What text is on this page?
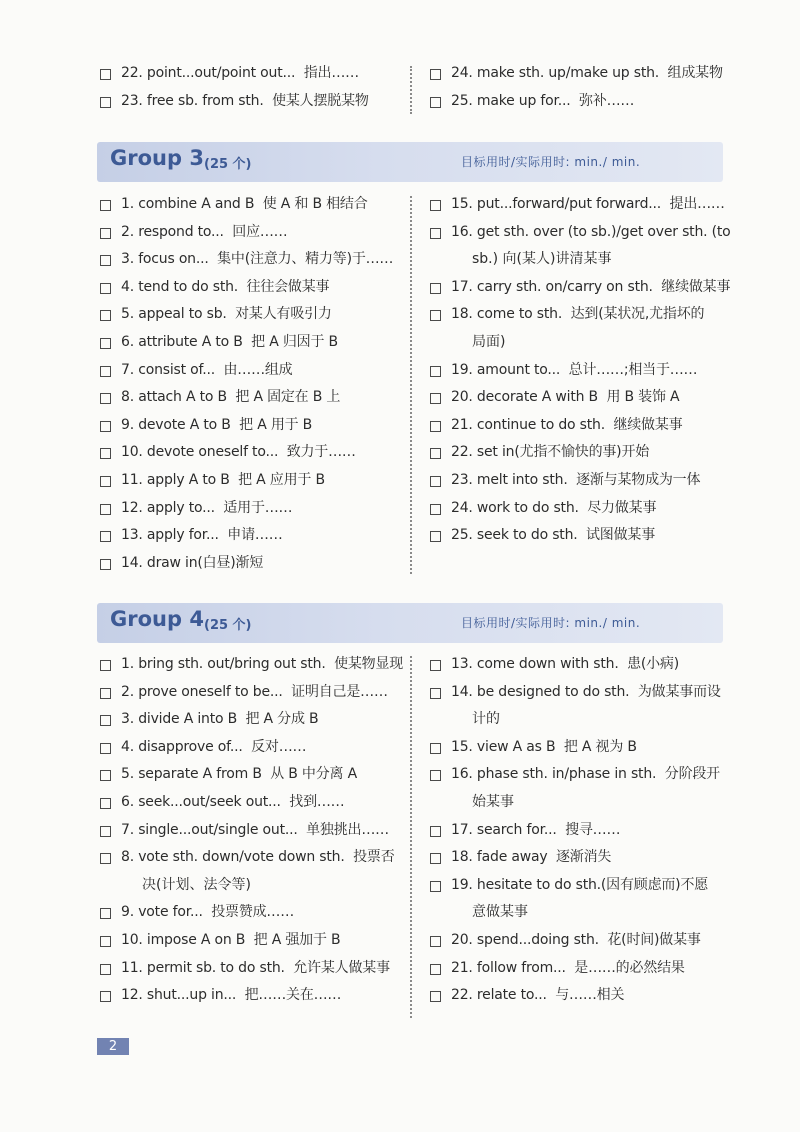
22. point...out/point out...  指出……
23. free sb. from sth.  使某人摆脱某物
24. make sth. up/make up sth.  组成某物
25. make up for...  弥补……
Group 3 (25 个)	目标用时/实际用时: min./ min.
1. combine A and B  使 A 和 B 相结合
2. respond to...  回应……
3. focus on...  集中(注意力、精力等)于……
4. tend to do sth.  往往会做某事
5. appeal to sb.  对某人有吸引力
6. attribute A to B  把 A 归因于 B
7. consist of...  由……组成
8. attach A to B  把 A 固定在 B 上
9. devote A to B  把 A 用于 B
10. devote oneself to...  致力于……
11. apply A to B  把 A 应用于 B
12. apply to...  适用于……
13. apply for...  申请……
14. draw in(白昼)渐短
15. put...forward/put forward...  提出……
16. get sth. over (to sb.)/get over sth. (to
sb.) 向(某人)讲清某事
17. carry sth. on/carry on sth.  继续做某事
18. come to sth.  达到(某状况,尤指坏的
局面)
19. amount to...  总计……;相当于……
20. decorate A with B  用 B 装饰 A
21. continue to do sth.  继续做某事
22. set in(尤指不愉快的事)开始
23. melt into sth.  逐渐与某物成为一体
24. work to do sth.  尽力做某事
25. seek to do sth.  试图做某事
Group 4 (25 个)	目标用时/实际用时: min./ min.
1. bring sth. out/bring out sth.  使某物显现
2. prove oneself to be...  证明自己是……
3. divide A into B  把 A 分成 B
4. disapprove of...  反对……
5. separate A from B  从 B 中分离 A
6. seek...out/seek out...  找到……
7. single...out/single out...  单独挑出……
8. vote sth. down/vote down sth.  投票否
决(计划、法令等)
9. vote for...  投票赞成……
10. impose A on B  把 A 强加于 B
11. permit sb. to do sth.  允许某人做某事
12. shut...up in...  把……关在……
13. come down with sth.  患(小病)
14. be designed to do sth.  为做某事而设
计的
15. view A as B  把 A 视为 B
16. phase sth. in/phase in sth.  分阶段开
始某事
17. search for...  搜寻……
18. fade away  逐渐消失
19. hesitate to do sth.(因有顾虑而)不愿
意做某事
20. spend...doing sth.  花(时间)做某事
21. follow from...  是……的必然结果
22. relate to...  与……相关
2
